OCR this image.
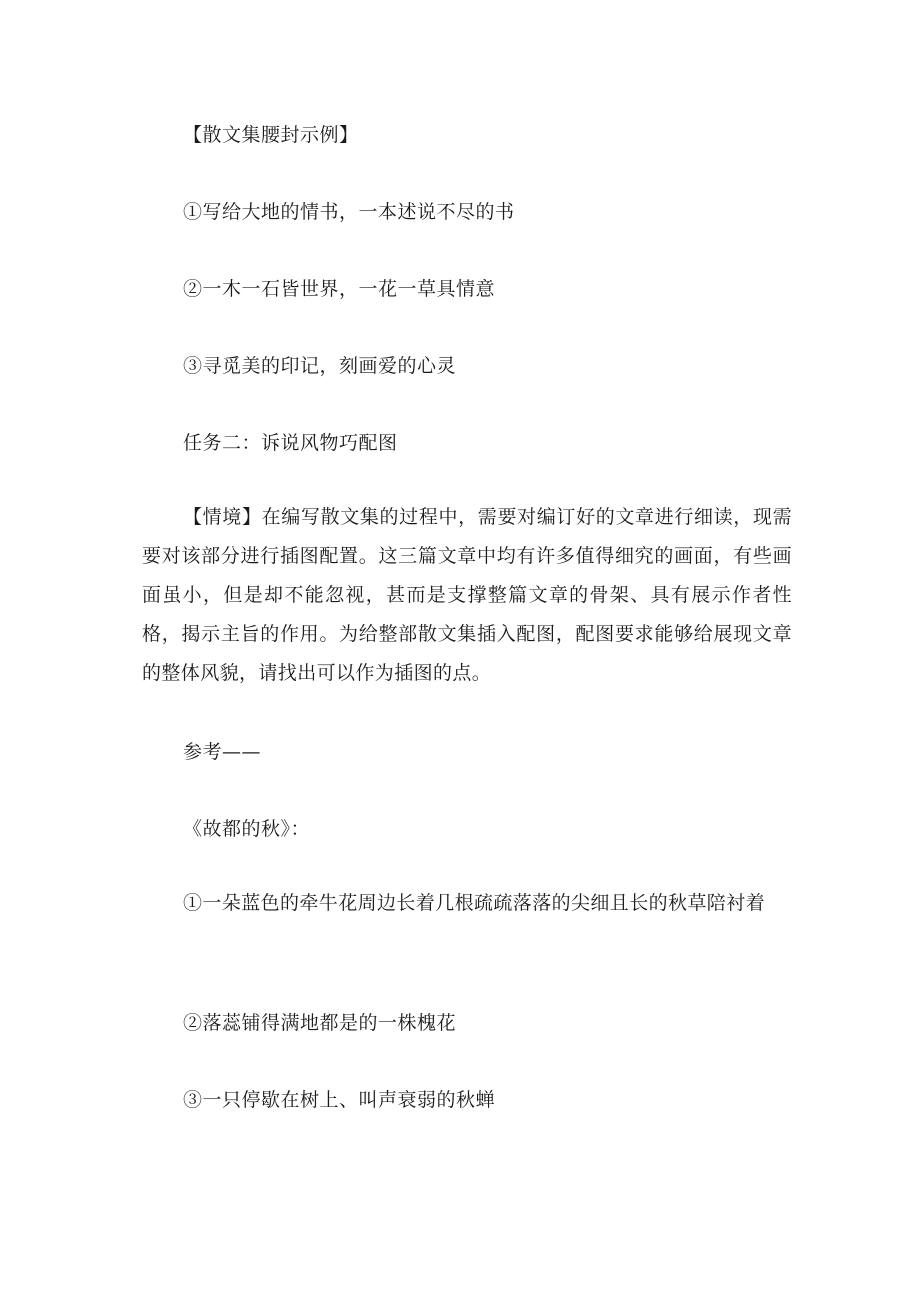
【散文集腰封示例】
①写给大地的情书，一本述说不尽的书
②一木一石皆世界，一花一草具情意
③寻觅美的印记，刻画爱的心灵
任务二：诉说风物巧配图
【情境】在编写散文集的过程中，需要对编订好的文章进行细读，现需要对该部分进行插图配置。这三篇文章中均有许多值得细究的画面，有些画面虽小，但是却不能忽视，甚而是支撑整篇文章的骨架、具有展示作者性格，揭示主旨的作用。为给整部散文集插入配图，配图要求能够给展现文章的整体风貌，请找出可以作为插图的点。
参考——
《故都的秋》：
①一朵蓝色的牵牛花周边长着几根疏疏落落的尖细且长的秋草陪衬着
②落蕊铺得满地都是的一株槐花
③一只停歇在树上、叫声衰弱的秋蝉
